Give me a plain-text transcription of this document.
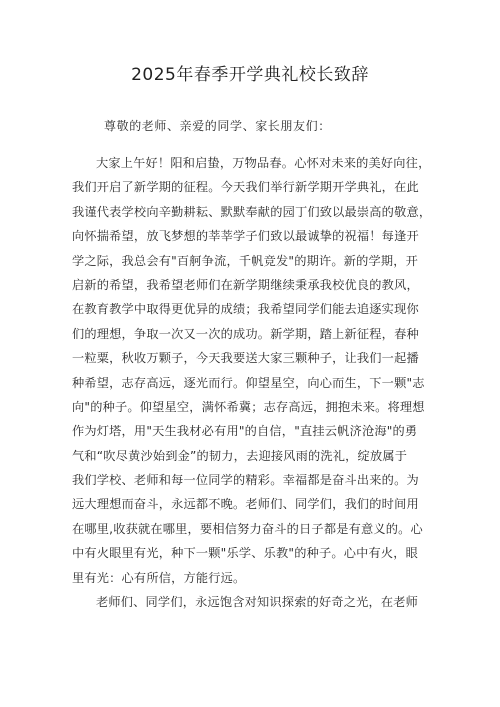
2025年春季开学典礼校长致辞
尊敬的老师、亲爱的同学、家长朋友们：
大家上午好！阳和启蛰，万物品春。心怀对未来的美好向往，
我们开启了新学期的征程。今天我们举行新学期开学典礼，在此
我谨代表学校向辛勤耕耘、默默奉献的园丁们致以最崇高的敬意，
向怀揣希望，放飞梦想的莘莘学子们致以最诚挚的祝福！每逢开
学之际，我总会有"百舸争流，千帆竞发"的期许。新的学期，开
启新的希望，我希望老师们在新学期继续秉承我校优良的教风，
在教育教学中取得更优异的成绩；我希望同学们能去追逐实现你
们的理想，争取一次又一次的成功。新学期，踏上新征程，春种
一粒粟，秋收万颗子，今天我要送大家三颗种子，让我们一起播
种希望，志存高远，逐光而行。仰望星空，向心而生，下一颗"志
向"的种子。仰望星空，满怀希冀；志存高远，拥抱未来。将理想
作为灯塔，用"天生我材必有用"的自信，"直挂云帆济沧海"的勇
气和“吹尽黄沙始到金”的韧力，去迎接风雨的洗礼，绽放属于
我们学校、老师和每一位同学的精彩。幸福都是奋斗出来的。为
远大理想而奋斗，永远都不晚。老师们、同学们，我们的时间用
在哪里,收获就在哪里，要相信努力奋斗的日子都是有意义的。心
中有火眼里有光，种下一颗"乐学、乐教"的种子。心中有火，眼
里有光：心有所信，方能行远。
老师们、同学们，永远饱含对知识探索的好奇之光，在老师
